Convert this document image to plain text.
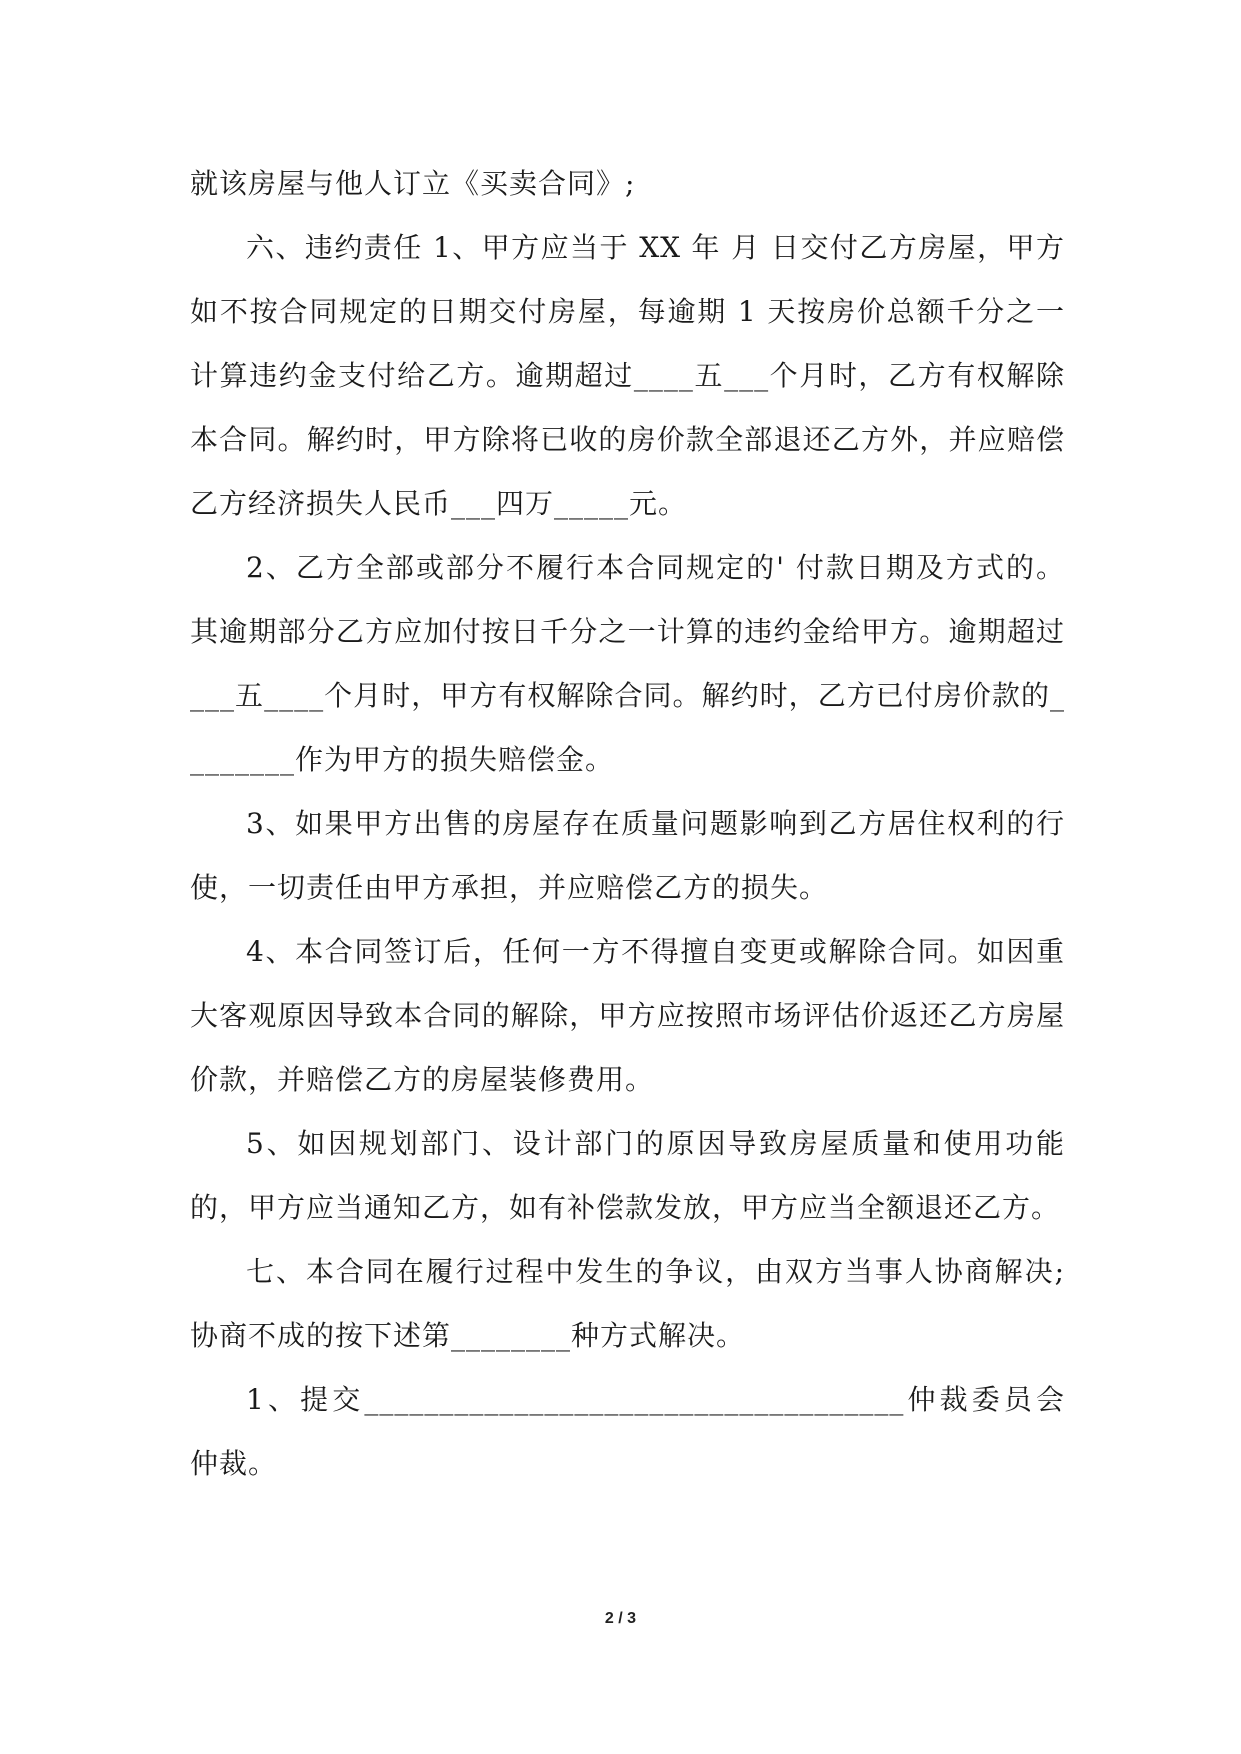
就该房屋与他人订立《买卖合同》;

六、违约责任 1、甲方应当于 XX 年 月 日交付乙方房屋，甲方如不按合同规定的日期交付房屋，每逾期 1 天按房价总额千分之一计算违约金支付给乙方。逾期超过____五___个月时，乙方有权解除本合同。解约时，甲方除将已收的房价款全部退还乙方外，并应赔偿乙方经济损失人民币___四万_____元。

2、乙方全部或部分不履行本合同规定的' 付款日期及方式的。其逾期部分乙方应加付按日千分之一计算的违约金给甲方。逾期超过___五____个月时，甲方有权解除合同。解约时，乙方已付房价款的________作为甲方的损失赔偿金。

3、如果甲方出售的房屋存在质量问题影响到乙方居住权利的行使，一切责任由甲方承担，并应赔偿乙方的损失。

4、本合同签订后，任何一方不得擅自变更或解除合同。如因重大客观原因导致本合同的解除，甲方应按照市场评估价返还乙方房屋价款，并赔偿乙方的房屋装修费用。

5、如因规划部门、设计部门的原因导致房屋质量和使用功能的，甲方应当通知乙方，如有补偿款发放，甲方应当全额退还乙方。

七、本合同在履行过程中发生的争议，由双方当事人协商解决;协商不成的按下述第________种方式解决。

1、提交____________________________________仲裁委员会仲裁。

2 / 3
